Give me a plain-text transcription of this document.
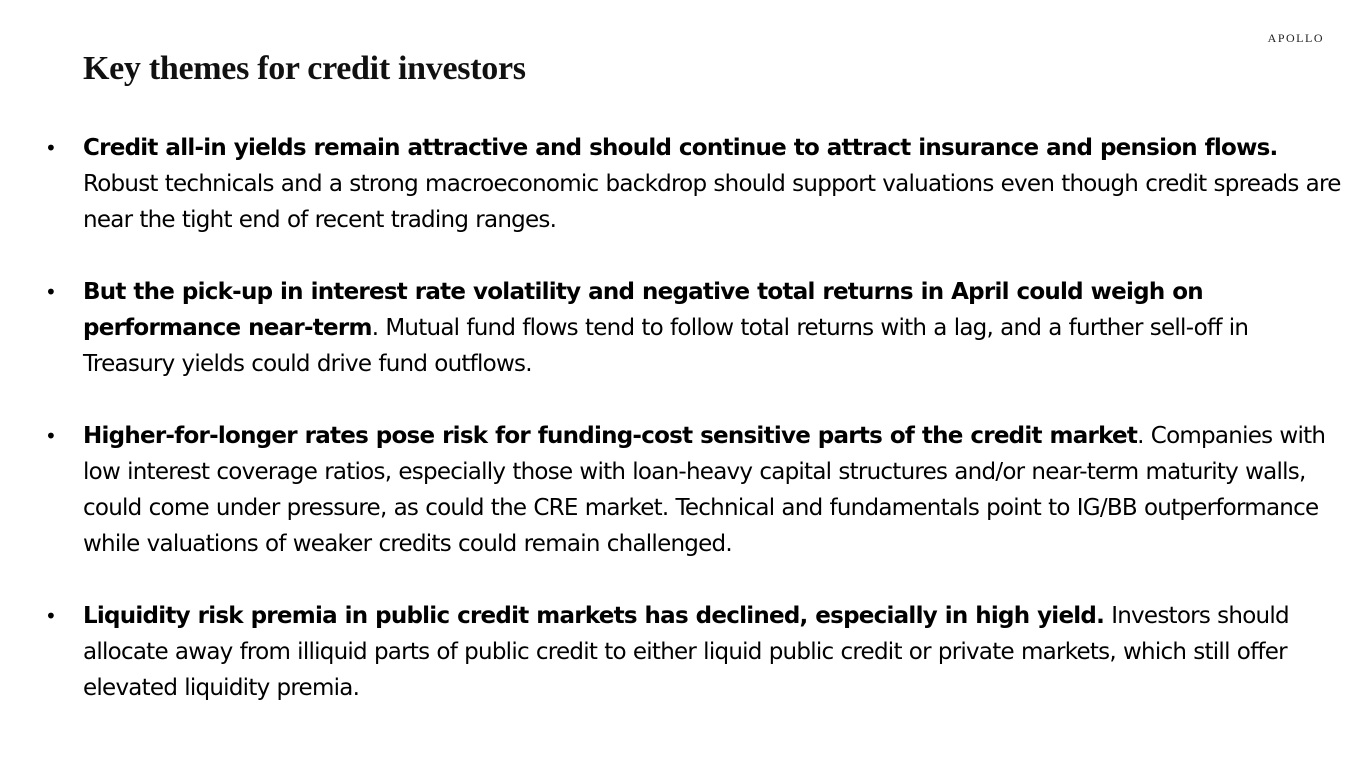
APOLLO
Key themes for credit investors
• Credit all-in yields remain attractive and should continue to attract insurance and pension flows. Robust technicals and a strong macroeconomic backdrop should support valuations even though credit spreads are near the tight end of recent trading ranges.
• But the pick-up in interest rate volatility and negative total returns in April could weigh on performance near-term. Mutual fund flows tend to follow total returns with a lag, and a further sell-off in Treasury yields could drive fund outflows.
• Higher-for-longer rates pose risk for funding-cost sensitive parts of the credit market. Companies with low interest coverage ratios, especially those with loan-heavy capital structures and/or near-term maturity walls, could come under pressure, as could the CRE market. Technical and fundamentals point to IG/BB outperformance while valuations of weaker credits could remain challenged.
• Liquidity risk premia in public credit markets has declined, especially in high yield. Investors should allocate away from illiquid parts of public credit to either liquid public credit or private markets, which still offer elevated liquidity premia.
